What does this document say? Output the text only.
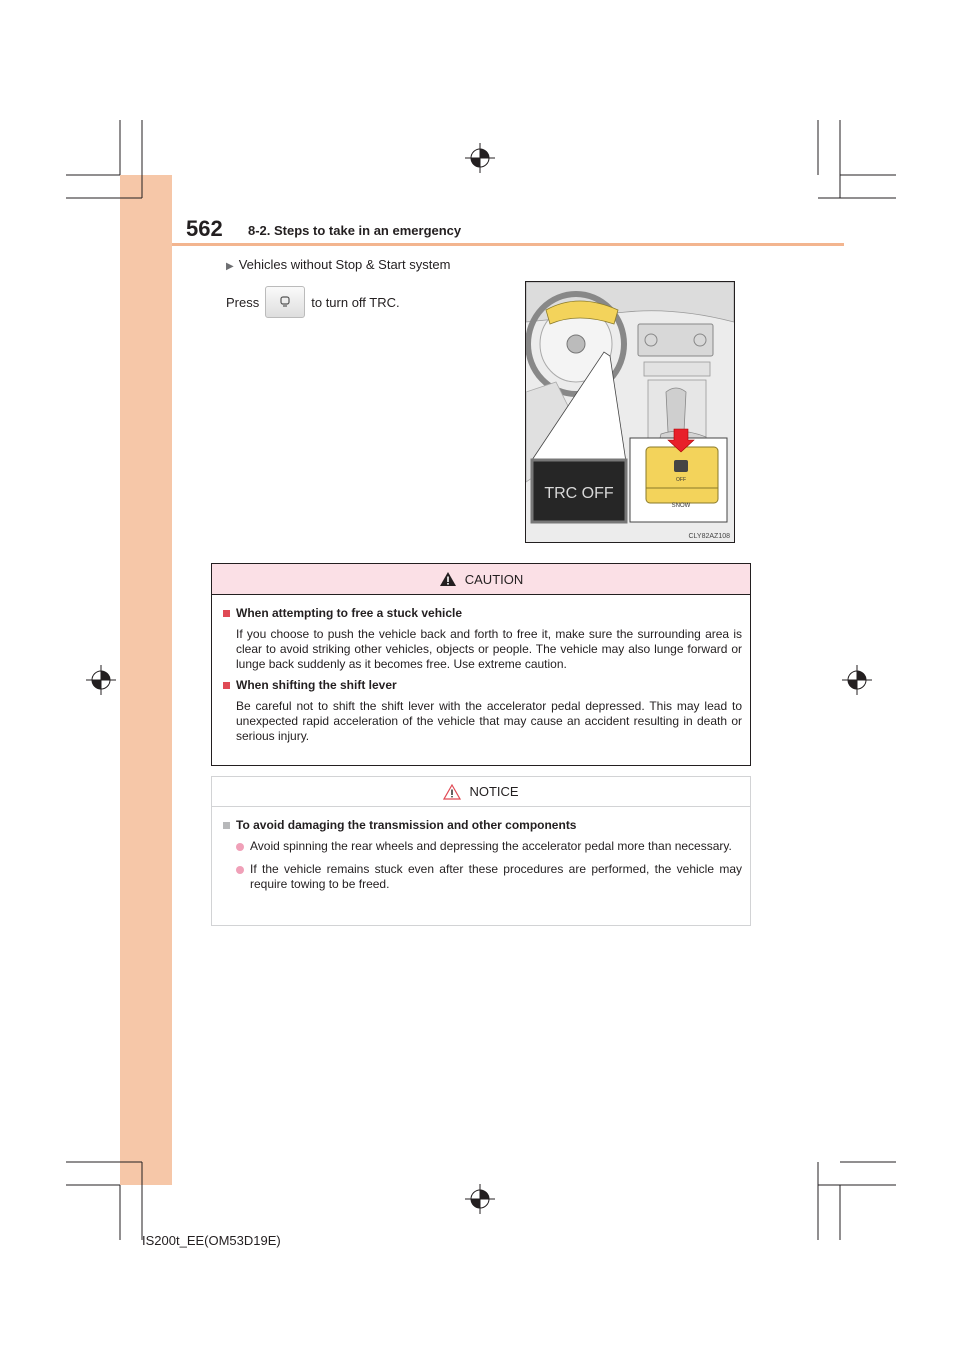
562 8-2. Steps to take in an emergency
▶ Vehicles without Stop & Start system
Press	to turn off TRC.
OFF
SNOW
TRC OFF
CLY82AZ108
CAUTION
When attempting to free a stuck vehicle
If you choose to push the vehicle back and forth to free it, make sure the surrounding area is clear to avoid striking other vehicles, objects or people. The vehicle may also lunge forward or lunge back suddenly as it becomes free. Use extreme caution.
When shifting the shift lever
Be careful not to shift the shift lever with the accelerator pedal depressed. This may lead to unexpected rapid acceleration of the vehicle that may cause an accident resulting in death or serious injury.
NOTICE
To avoid damaging the transmission and other components
Avoid spinning the rear wheels and depressing the accelerator pedal more than necessary.
If the vehicle remains stuck even after these procedures are performed, the vehicle may require towing to be freed.
IS200t_EE(OM53D19E)
